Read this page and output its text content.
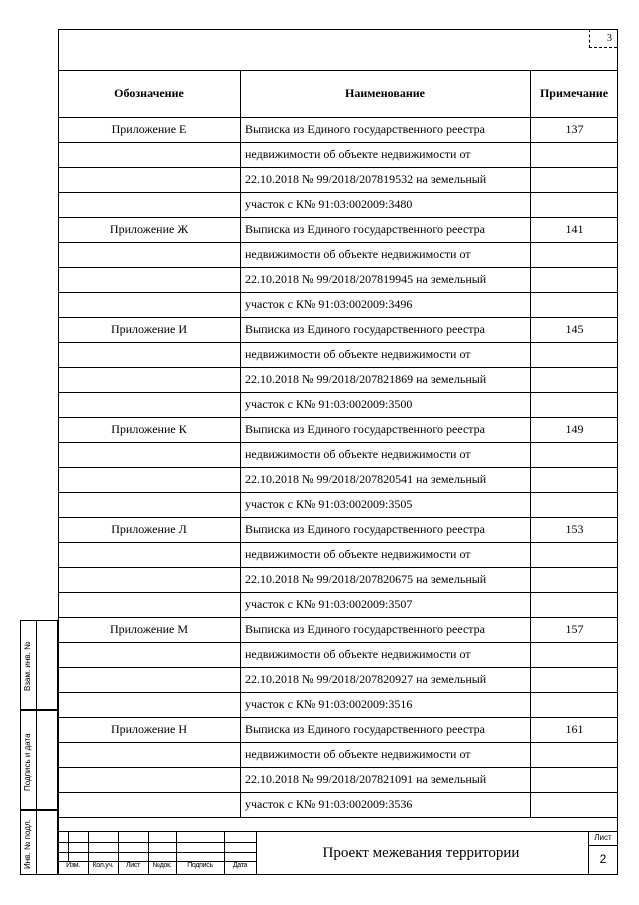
3
Обозначение	Наименование	Примечание
Приложение Е	Выписка из Единого государственного реестра	137
недвижимости об объекте недвижимости от
22.10.2018 № 99/2018/207819532 на земельный
участок с К№ 91:03:002009:3480
Приложение Ж	Выписка из Единого государственного реестра	141
недвижимости об объекте недвижимости от
22.10.2018 № 99/2018/207819945 на земельный
участок с К№ 91:03:002009:3496
Приложение И	Выписка из Единого государственного реестра	145
недвижимости об объекте недвижимости от
22.10.2018 № 99/2018/207821869 на земельный
участок с К№ 91:03:002009:3500
Приложение К	Выписка из Единого государственного реестра	149
недвижимости об объекте недвижимости от
22.10.2018 № 99/2018/207820541 на земельный
участок с К№ 91:03:002009:3505
Приложение Л	Выписка из Единого государственного реестра	153
недвижимости об объекте недвижимости от
22.10.2018 № 99/2018/207820675 на земельный
участок с К№ 91:03:002009:3507
Приложение М	Выписка из Единого государственного реестра	157
недвижимости об объекте недвижимости от
22.10.2018 № 99/2018/207820927 на земельный
участок с К№ 91:03:002009:3516
Приложение Н	Выписка из Единого государственного реестра	161
недвижимости об объекте недвижимости от
22.10.2018 № 99/2018/207821091 на земельный
участок с К№ 91:03:002009:3536
Взам. инв. №
Подпись и дата
Инв. № подл.	Изм.	Кол.уч.	Лист	№док.	Подпись	Дата
Проект межевания территории
Лист
2
